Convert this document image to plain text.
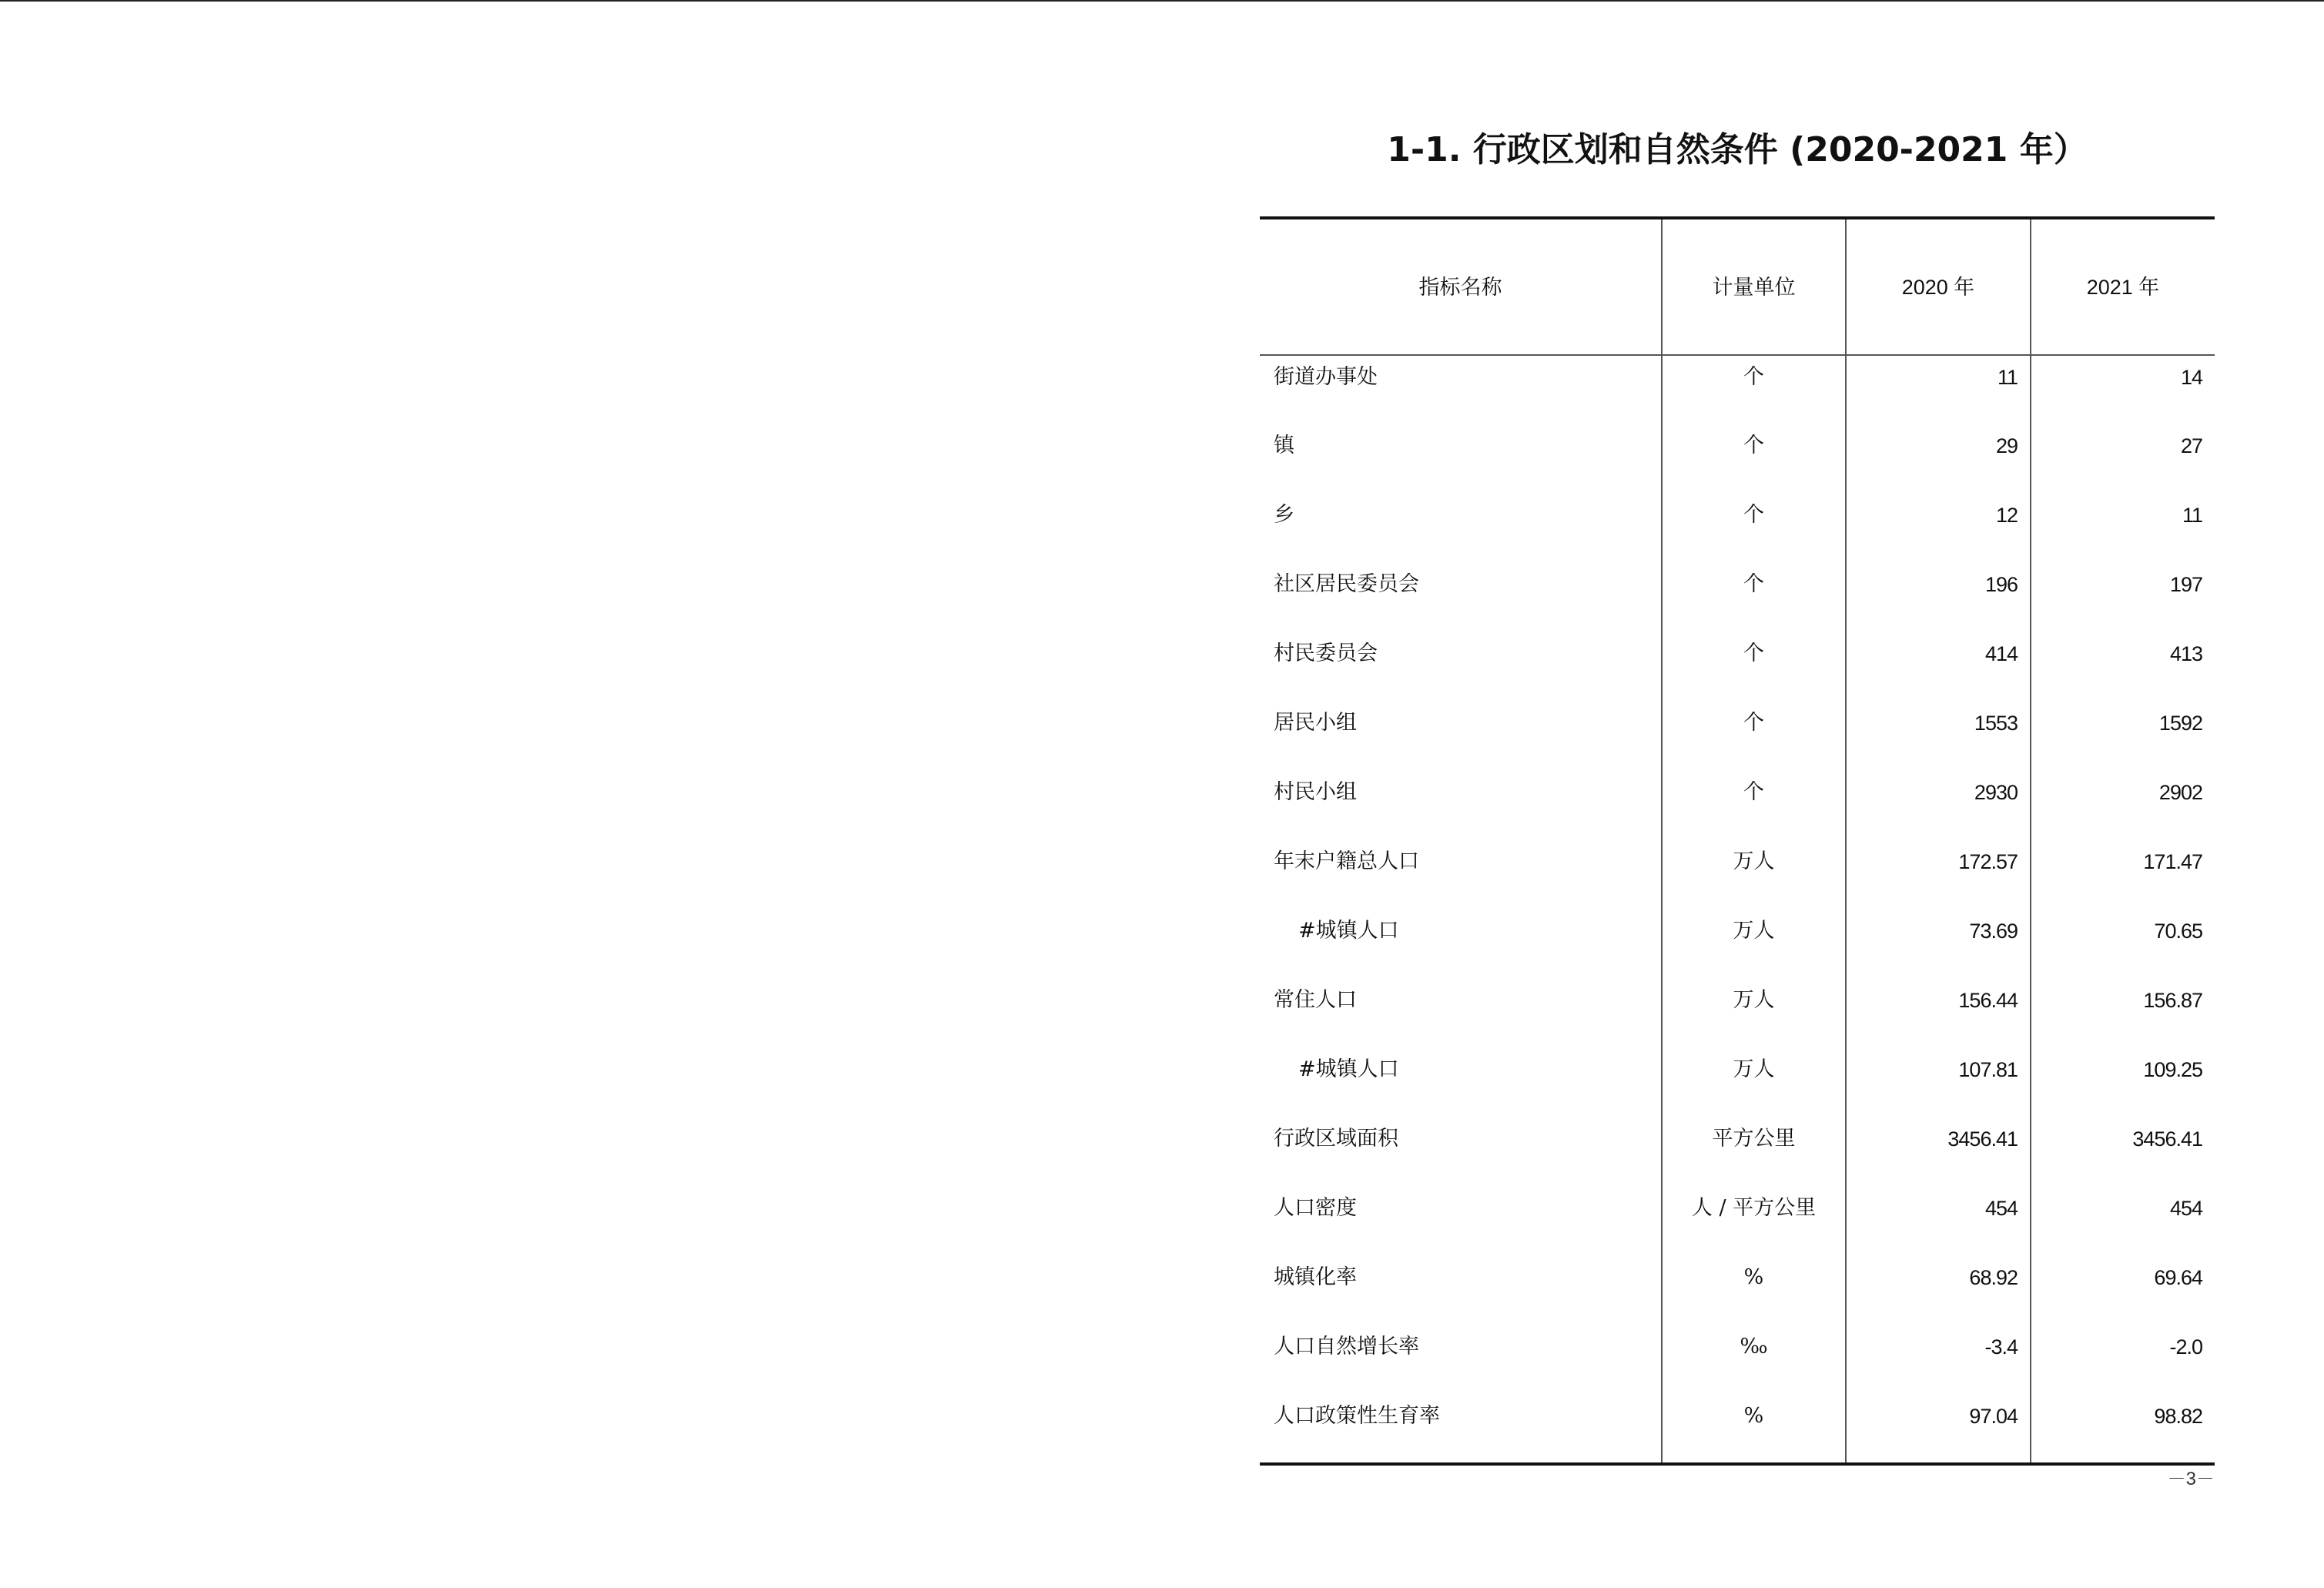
1-1. 行政区划和自然条件 (2020-2021 年）
指标名称	计量单位	2020 年	2021 年
街道办事处	个	11	14
镇	个	29	27
乡	个	12	11
社区居民委员会	个	196	197
村民委员会	个	414	413
居民小组	个	1553	1592
村民小组	个	2930	2902
年末户籍总人口	万人	172.57	171.47
#城镇人口	万人	73.69	70.65
常住人口	万人	156.44	156.87
#城镇人口	万人	107.81	109.25
行政区域面积	平方公里	3456.41	3456.41
人口密度	人 / 平方公里	454	454
城镇化率	%	68.92	69.64
人口自然增长率	‰	-3.4	-2.0
人口政策性生育率	%	97.04	98.82
－3－
